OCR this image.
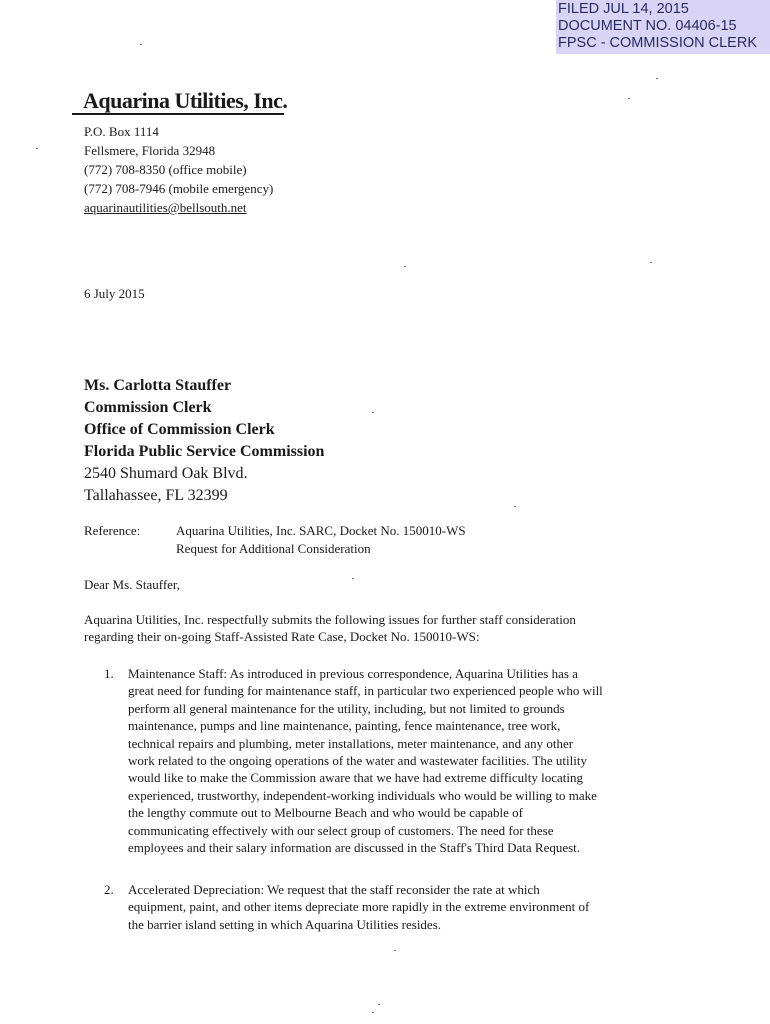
FILED JUL 14, 2015
DOCUMENT NO. 04406-15
FPSC - COMMISSION CLERK
Aquarina Utilities, Inc.
P.O. Box 1114
Fellsmere, Florida 32948
(772) 708-8350 (office mobile)
(772) 708-7946 (mobile emergency)
aquarinautilities@bellsouth.net
6 July 2015
Ms. Carlotta Stauffer
Commission Clerk
Office of Commission Clerk
Florida Public Service Commission
2540 Shumard Oak Blvd.
Tallahassee, FL 32399
Reference:	Aquarina Utilities, Inc. SARC, Docket No. 150010-WS
Request for Additional Consideration
Dear Ms. Stauffer,
Aquarina Utilities, Inc. respectfully submits the following issues for further staff consideration
regarding their on-going Staff-Assisted Rate Case, Docket No. 150010-WS:
1. Maintenance Staff: As introduced in previous correspondence, Aquarina Utilities has a
great need for funding for maintenance staff, in particular two experienced people who will
perform all general maintenance for the utility, including, but not limited to grounds
maintenance, pumps and line maintenance, painting, fence maintenance, tree work,
technical repairs and plumbing, meter installations, meter maintenance, and any other
work related to the ongoing operations of the water and wastewater facilities. The utility
would like to make the Commission aware that we have had extreme difficulty locating
experienced, trustworthy, independent-working individuals who would be willing to make
the lengthy commute out to Melbourne Beach and who would be capable of
communicating effectively with our select group of customers. The need for these
employees and their salary information are discussed in the Staff's Third Data Request.
2. Accelerated Depreciation: We request that the staff reconsider the rate at which
equipment, paint, and other items depreciate more rapidly in the extreme environment of
the barrier island setting in which Aquarina Utilities resides.
